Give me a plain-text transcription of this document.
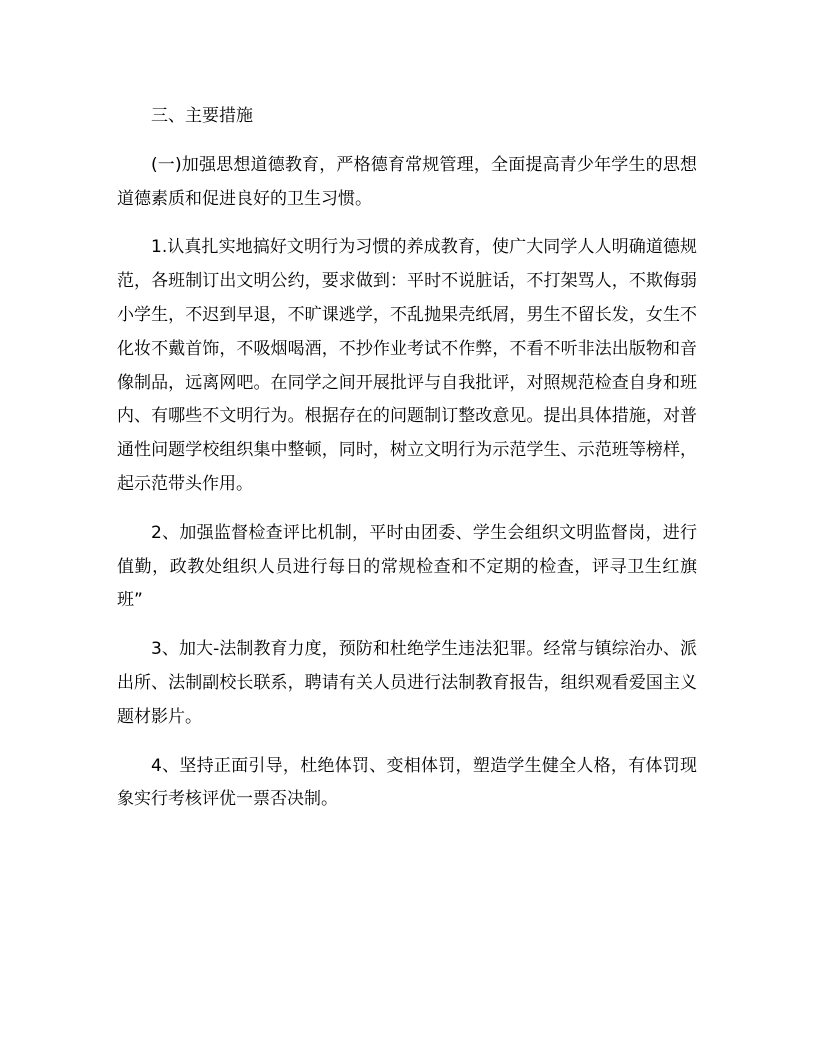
三、主要措施

(一)加强思想道德教育，严格德育常规管理，全面提高青少年学生的思想道德素质和促进良好的卫生习惯。

1.认真扎实地搞好文明行为习惯的养成教育，使广大同学人人明确道德规范，各班制订出文明公约，要求做到：平时不说脏话，不打架骂人，不欺侮弱小学生，不迟到早退，不旷课逃学，不乱抛果壳纸屑，男生不留长发，女生不化妆不戴首饰，不吸烟喝酒，不抄作业考试不作弊，不看不听非法出版物和音像制品，远离网吧。在同学之间开展批评与自我批评，对照规范检查自身和班内、有哪些不文明行为。根据存在的问题制订整改意见。提出具体措施，对普通性问题学校组织集中整顿，同时，树立文明行为示范学生、示范班等榜样，起示范带头作用。

2、加强监督检查评比机制，平时由团委、学生会组织文明监督岗，进行值勤，政教处组织人员进行每日的常规检查和不定期的检查，评寻卫生红旗班”

3、加大-法制教育力度，预防和杜绝学生违法犯罪。经常与镇综治办、派出所、法制副校长联系，聘请有关人员进行法制教育报告，组织观看爱国主义题材影片。

4、坚持正面引导，杜绝体罚、变相体罚，塑造学生健全人格，有体罚现象实行考核评优一票否决制。
